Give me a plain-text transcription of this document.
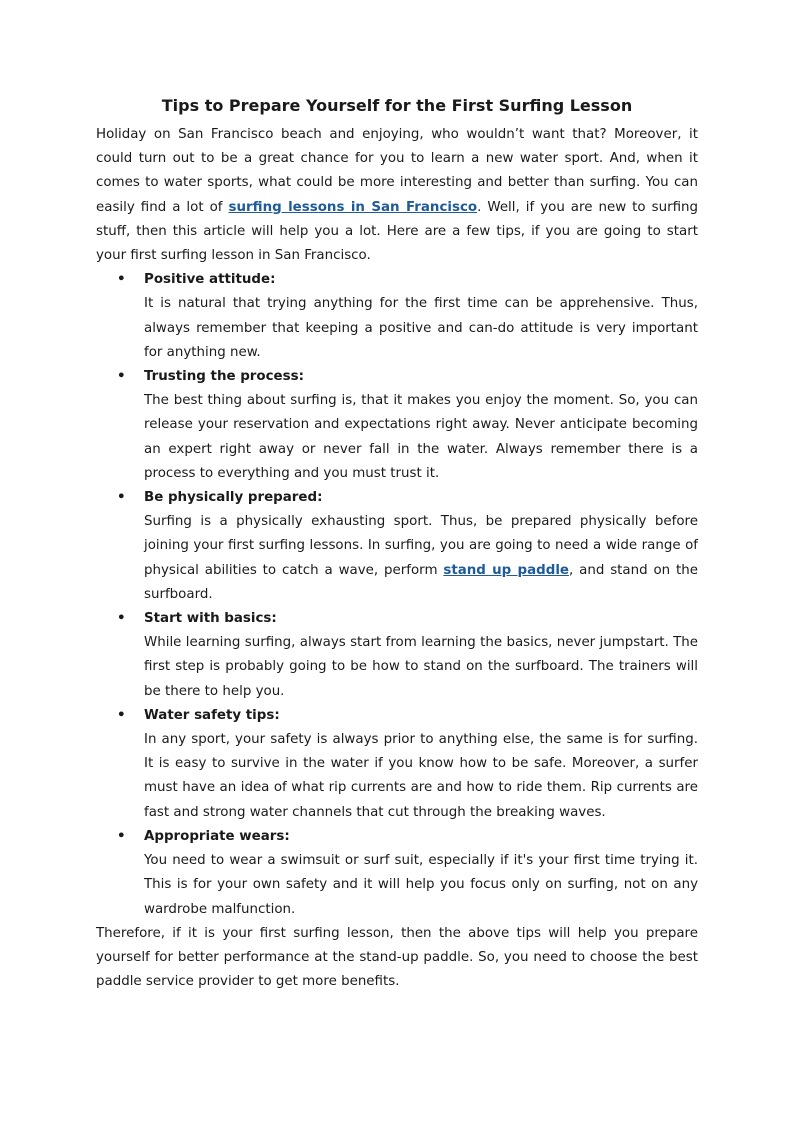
Tips to Prepare Yourself for the First Surfing Lesson

Holiday on San Francisco beach and enjoying, who wouldn’t want that? Moreover, it could turn out to be a great chance for you to learn a new water sport. And, when it comes to water sports, what could be more interesting and better than surfing. You can easily find a lot of surfing lessons in San Francisco. Well, if you are new to surfing stuff, then this article will help you a lot. Here are a few tips, if you are going to start your first surfing lesson in San Francisco.

• Positive attitude:
It is natural that trying anything for the first time can be apprehensive. Thus, always remember that keeping a positive and can-do attitude is very important for anything new.
• Trusting the process:
The best thing about surfing is, that it makes you enjoy the moment. So, you can release your reservation and expectations right away. Never anticipate becoming an expert right away or never fall in the water. Always remember there is a process to everything and you must trust it.
• Be physically prepared:
Surfing is a physically exhausting sport. Thus, be prepared physically before joining your first surfing lessons. In surfing, you are going to need a wide range of physical abilities to catch a wave, perform stand up paddle, and stand on the surfboard.
• Start with basics:
While learning surfing, always start from learning the basics, never jumpstart. The first step is probably going to be how to stand on the surfboard. The trainers will be there to help you.
• Water safety tips:
In any sport, your safety is always prior to anything else, the same is for surfing. It is easy to survive in the water if you know how to be safe. Moreover, a surfer must have an idea of what rip currents are and how to ride them. Rip currents are fast and strong water channels that cut through the breaking waves.
• Appropriate wears:
You need to wear a swimsuit or surf suit, especially if it's your first time trying it. This is for your own safety and it will help you focus only on surfing, not on any wardrobe malfunction.

Therefore, if it is your first surfing lesson, then the above tips will help you prepare yourself for better performance at the stand-up paddle. So, you need to choose the best paddle service provider to get more benefits.
